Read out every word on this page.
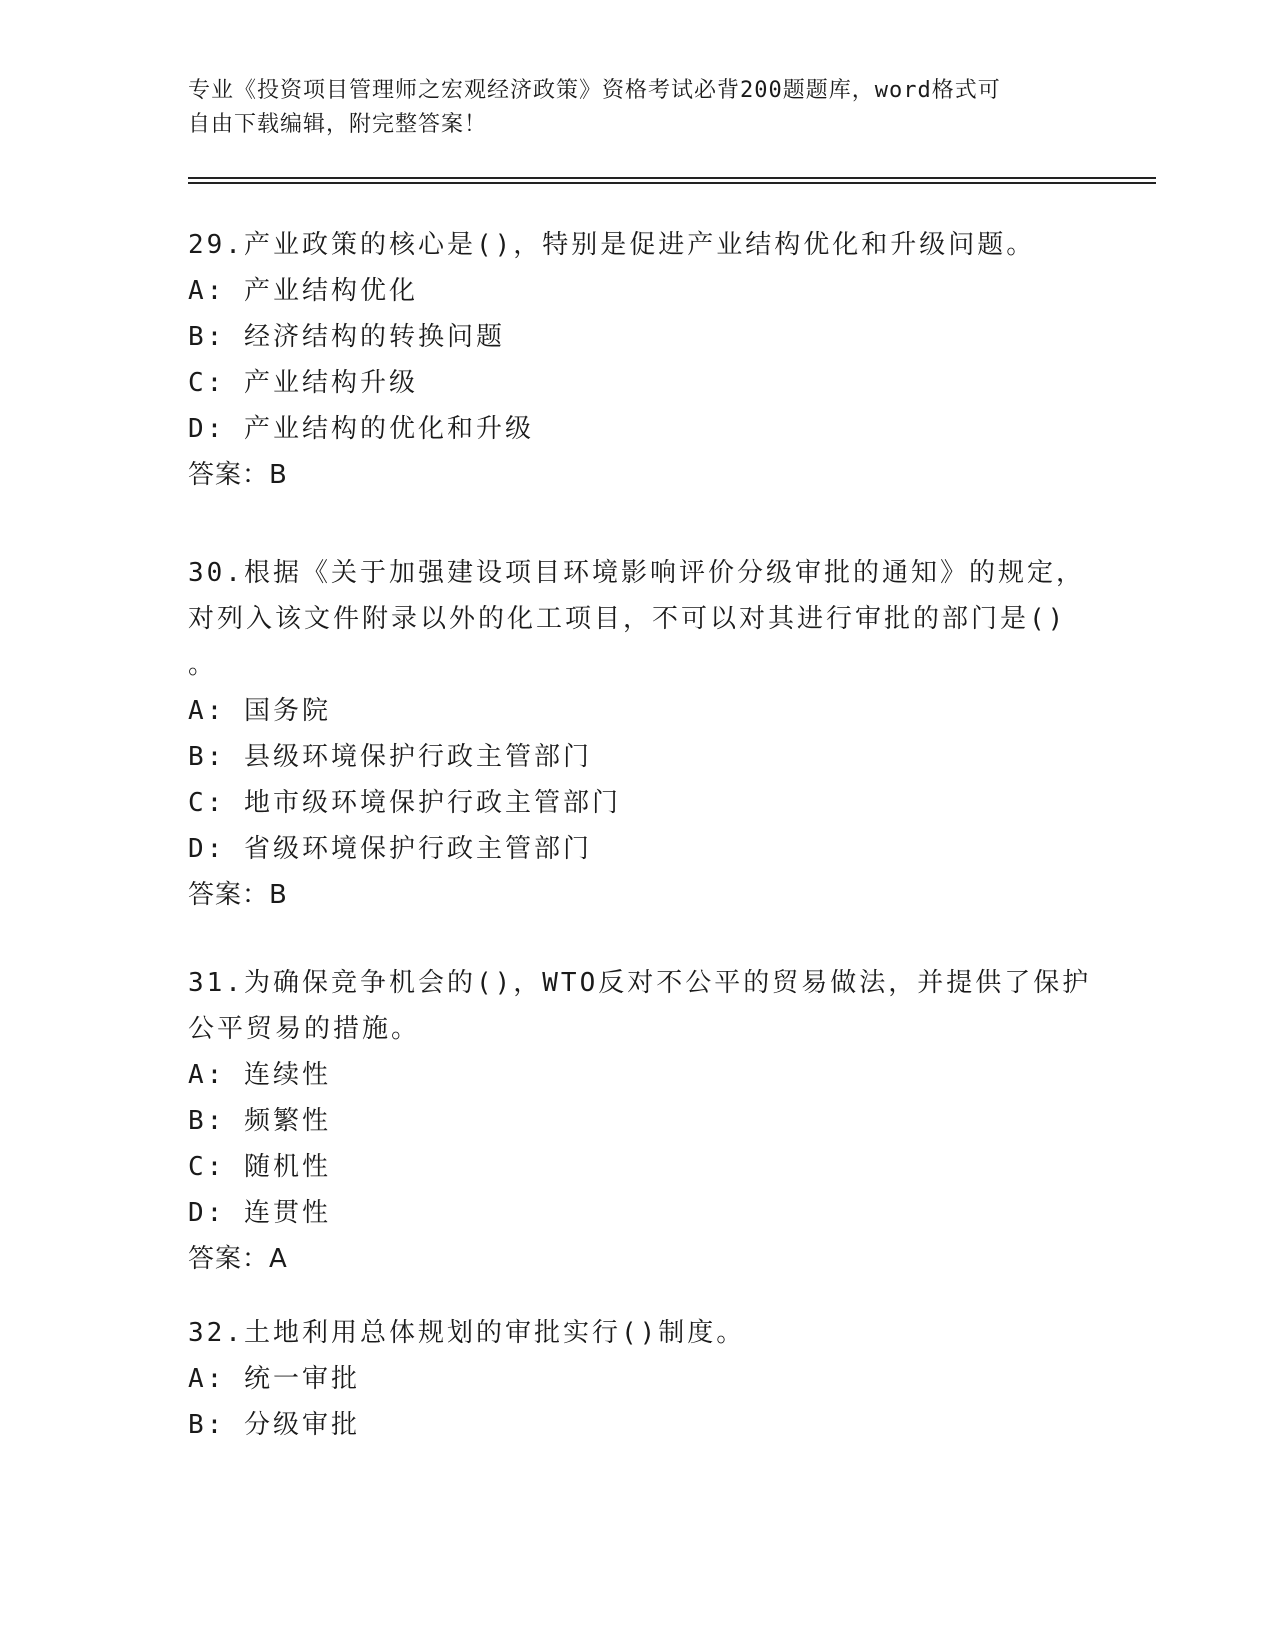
专业《投资项目管理师之宏观经济政策》资格考试必背200题题库，word格式可
自由下载编辑，附完整答案！
29.产业政策的核心是()，特别是促进产业结构优化和升级问题。
A: 产业结构优化
B: 经济结构的转换问题
C: 产业结构升级
D: 产业结构的优化和升级
答案：B
30.根据《关于加强建设项目环境影响评价分级审批的通知》的规定，
对列入该文件附录以外的化工项目，不可以对其进行审批的部门是()
。
A: 国务院
B: 县级环境保护行政主管部门
C: 地市级环境保护行政主管部门
D: 省级环境保护行政主管部门
答案：B
31.为确保竞争机会的()，WTO反对不公平的贸易做法，并提供了保护
公平贸易的措施。
A: 连续性
B: 频繁性
C: 随机性
D: 连贯性
答案：A
32.土地利用总体规划的审批实行()制度。
A: 统一审批
B: 分级审批
